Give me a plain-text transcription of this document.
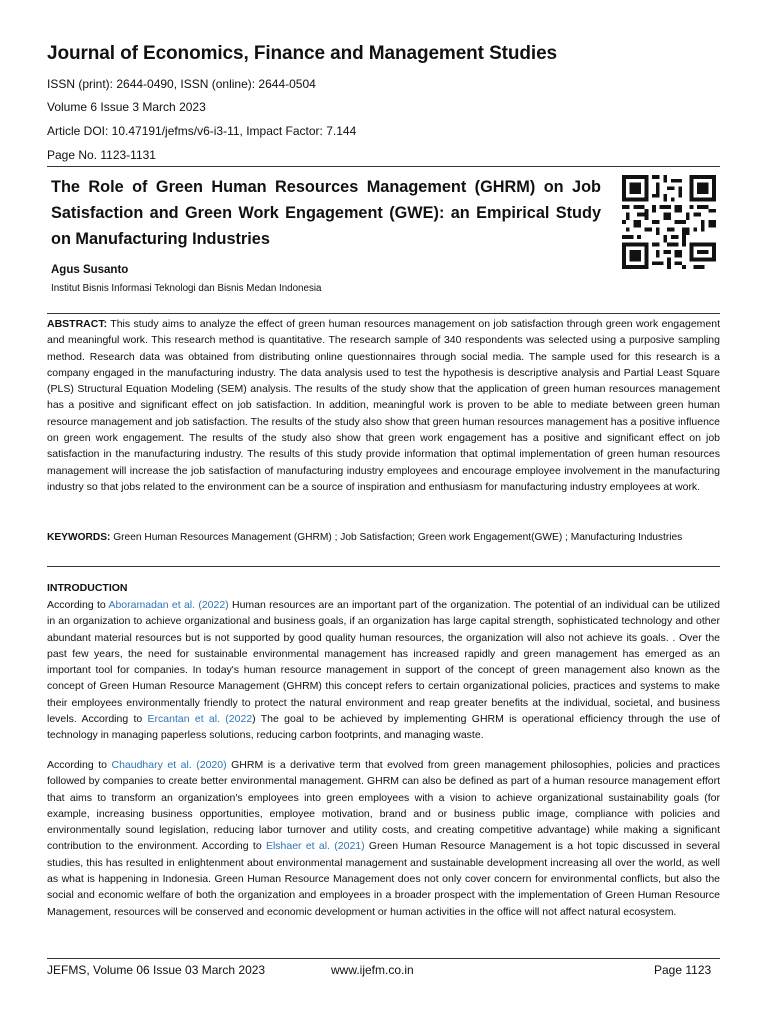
Journal of Economics, Finance and Management Studies

ISSN (print): 2644-0490, ISSN (online): 2644-0504

Volume 6 Issue 3 March 2023

Article DOI: 10.47191/jefms/v6-i3-11, Impact Factor: 7.144

Page No. 1123-1131

The Role of Green Human Resources Management (GHRM) on Job Satisfaction and Green Work Engagement (GWE): an Empirical Study on Manufacturing Industries

Agus Susanto

Institut Bisnis Informasi Teknologi dan Bisnis Medan Indonesia

ABSTRACT: This study aims to analyze the effect of green human resources management on job satisfaction through green work engagement and meaningful work. This research method is quantitative. The research sample of 340 respondents was selected using a purposive sampling method. Research data was obtained from distributing online questionnaires through social media. The sample used for this research is a company engaged in the manufacturing industry. The data analysis used to test the hypothesis is descriptive analysis and Partial Least Square (PLS) Structural Equation Modeling (SEM) analysis. The results of the study show that the application of green human resources management has a positive and significant effect on job satisfaction. In addition, meaningful work is proven to be able to mediate between green human resource management and job satisfaction. The results of the study also show that green human resources management has a positive influence on green work engagement. The results of the study also show that green work engagement has a positive and significant effect on job satisfaction in the manufacturing industry. The results of this study provide information that optimal implementation of green human resources management will increase the job satisfaction of manufacturing industry employees and encourage employee involvement in the manufacturing industry so that jobs related to the environment can be a source of inspiration and enthusiasm for manufacturing industry employees at work.

KEYWORDS: Green Human Resources Management (GHRM) ; Job Satisfaction; Green work Engagement(GWE) ; Manufacturing Industries

INTRODUCTION

According to Aboramadan et al. (2022) Human resources are an important part of the organization. The potential of an individual can be utilized in an organization to achieve organizational and business goals, if an organization has large capital strength, sophisticated technology and other abundant material resources but is not supported by good quality human resources, the organization will also not achieve its goals. . Over the past few years, the need for sustainable environmental management has increased rapidly and green management has emerged as an important tool for companies. In today's human resource management in support of the concept of green management also known as the concept of Green Human Resource Management (GHRM) this concept refers to certain organizational policies, practices and systems to make their employees environmentally friendly to protect the natural environment and reap greater benefits at the individual, societal, and business levels. According to Ercantan et al. (2022) The goal to be achieved by implementing GHRM is operational efficiency through the use of technology in managing paperless solutions, reducing carbon footprints, and managing waste.

According to Chaudhary et al. (2020) GHRM is a derivative term that evolved from green management philosophies, policies and practices followed by companies to create better environmental management. GHRM can also be defined as part of a human resource management effort that aims to transform an organization's employees into green employees with a vision to achieve organizational sustainability goals (for example, increasing business opportunities, employee motivation, brand and or business public image, compliance with policies and environmentally sound legislation, reducing labor turnover and utility costs, and creating competitive advantage) while making a significant contribution to the environment. According to Elshaer et al. (2021) Green Human Resource Management is a hot topic discussed in several studies, this has resulted in enlightenment about environmental management and sustainable development increasing all over the world, as well as what is happening in Indonesia. Green Human Resource Management does not only cover concern for environmental conflicts, but also the social and economic welfare of both the organization and employees in a broader prospect with the implementation of Green Human Resource Management, resources will be conserved and economic development or human activities in the office will not affect natural ecosystem.

JEFMS, Volume 06 Issue 03 March 2023	www.ijefm.co.in	Page 1123
